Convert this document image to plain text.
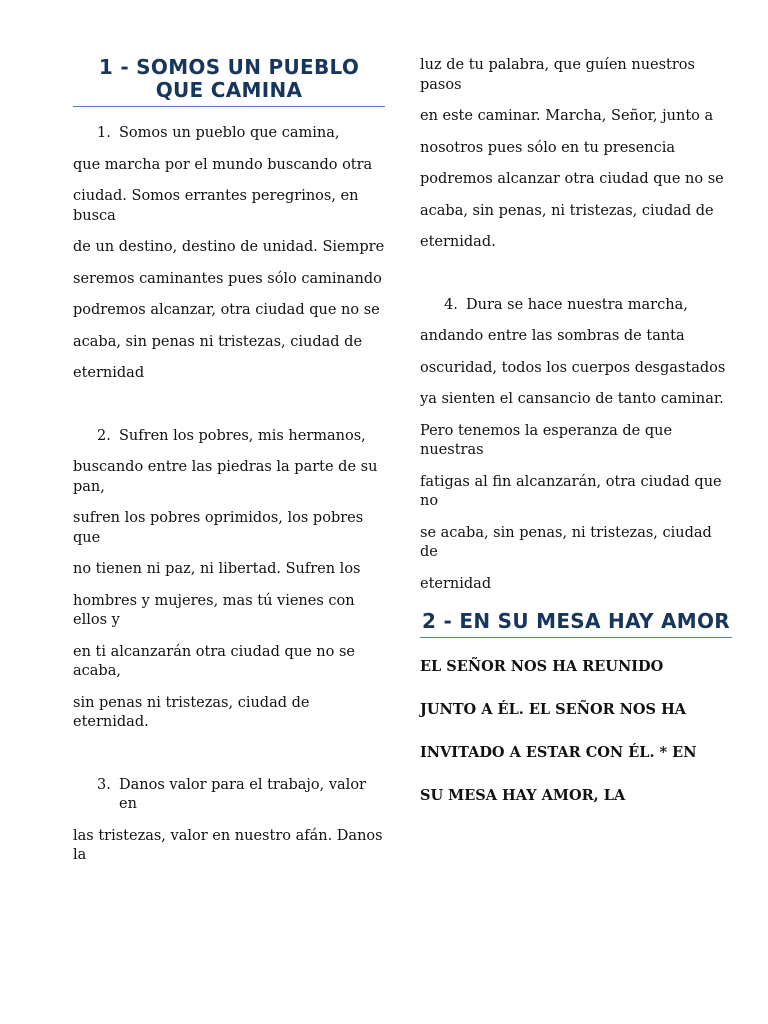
1 - SOMOS UN PUEBLO QUE CAMINA
1. Somos un pueblo que camina,
que marcha por el mundo buscando otra
ciudad. Somos errantes peregrinos, en busca
de un destino, destino de unidad. Siempre
seremos caminantes pues sólo caminando
podremos alcanzar, otra ciudad que no se
acaba, sin penas ni tristezas, ciudad de
eternidad
2. Sufren los pobres, mis hermanos,
buscando entre las piedras la parte de su pan,
sufren los pobres oprimidos, los pobres que
no tienen ni paz, ni libertad. Sufren los
hombres y mujeres, mas tú vienes con ellos y
en ti alcanzarán otra ciudad que no se acaba,
sin penas ni tristezas, ciudad de eternidad.
3. Danos valor para el trabajo, valor en
las tristezas, valor en nuestro afán. Danos la
luz de tu palabra, que guíen nuestros pasos
en este caminar. Marcha, Señor, junto a
nosotros pues sólo en tu presencia
podremos alcanzar otra ciudad que no se
acaba, sin penas, ni tristezas, ciudad de
eternidad.
4. Dura se hace nuestra marcha,
andando entre las sombras de tanta
oscuridad, todos los cuerpos desgastados
ya sienten el cansancio de tanto caminar.
Pero tenemos la esperanza de que nuestras
fatigas al fin alcanzarán, otra ciudad que no
se acaba, sin penas, ni tristezas, ciudad de
eternidad
2 - EN SU MESA HAY AMOR
EL SEÑOR NOS HA REUNIDO
JUNTO A ÉL. EL SEÑOR NOS HA
INVITADO A ESTAR CON ÉL. * EN
SU MESA HAY AMOR, LA
